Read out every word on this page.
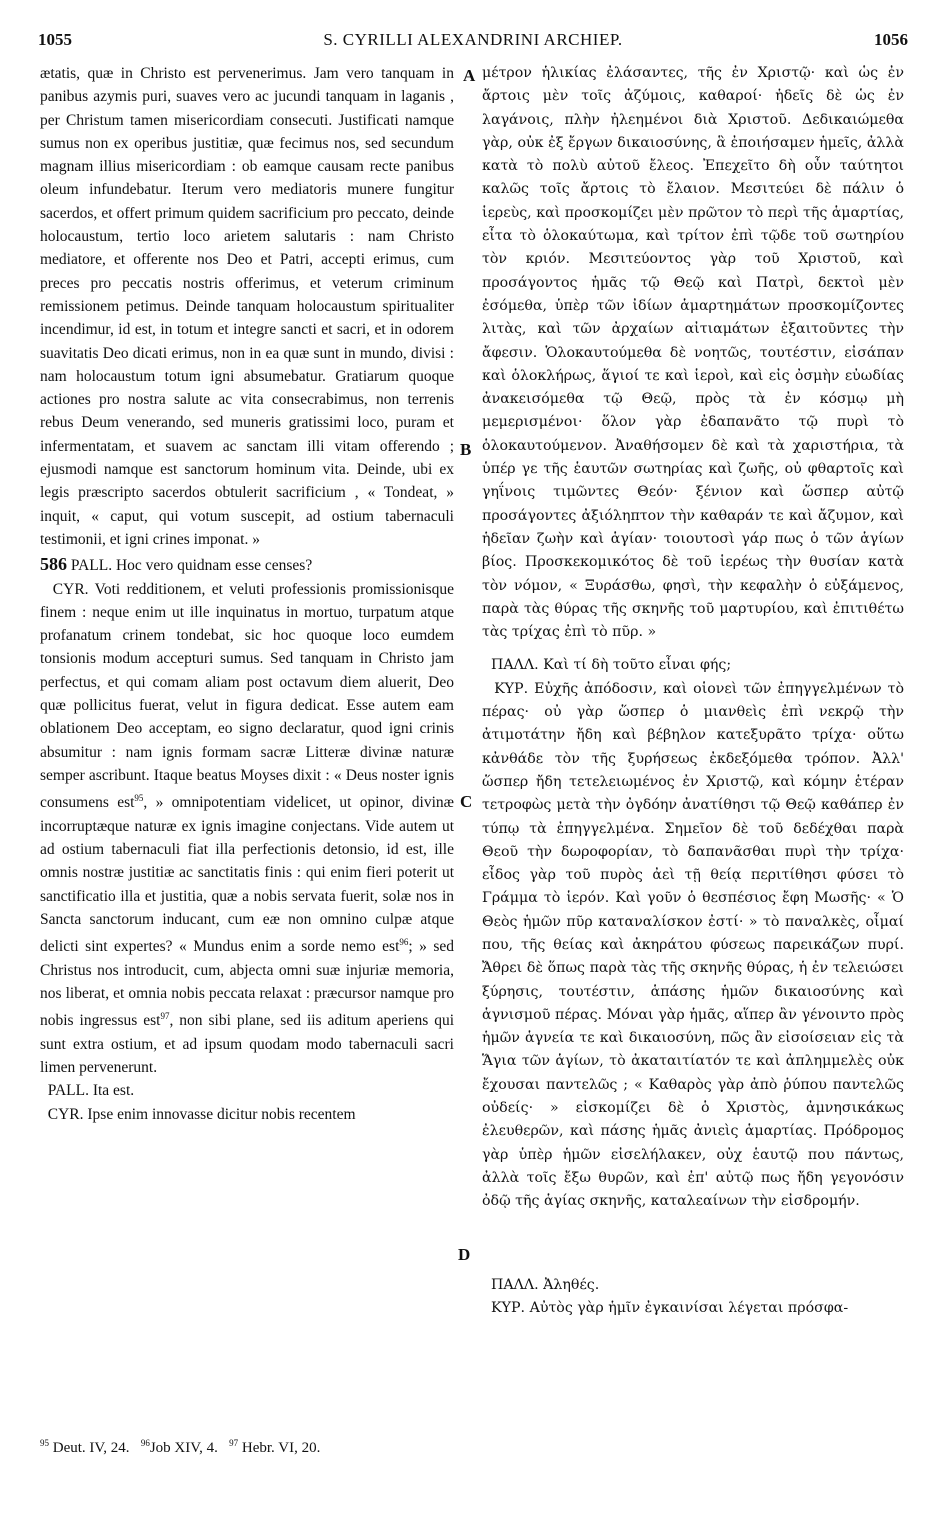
1055	S. CYRILLI ALEXANDRINI ARCHIEP.	1056
A
B
C
D

ætatis, quæ in Christo est pervenerimus. Jam vero tanquam in panibus azymis puri, suaves vero ac jucundi tanquam in laganis , per Christum tamen misericordiam consecuti. Justificati namque sumus non ex operibus justitiæ, quæ fecimus nos, sed secundum magnam illius misericordiam : ob eamque causam recte panibus oleum infundebatur. Iterum vero mediatoris munere fungitur sacerdos, et offert primum quidem sacrificium pro peccato, deinde holocaustum, tertio loco arietem salutaris : nam Christo mediatore, et offerente nos Deo et Patri, accepti erimus, cum preces pro peccatis nostris offerimus, et veterum criminum remissionem petimus. Deinde tanquam holocaustum spiritualiter incendimur, id est, in totum et integre sancti et sacri, et in odorem suavitatis Deo dicati erimus, non in ea quæ sunt in mundo, divisi : nam holocaustum totum igni absumebatur. Gratiarum quoque actiones pro nostra salute ac vita consecrabimus, non terrenis rebus Deum venerando, sed muneris gratissimi loco, puram et infermentatam, et suavem ac sanctam illi vitam offerendo ; ejusmodi namque est sanctorum hominum vita. Deinde, ubi ex legis præscripto sacerdos obtulerit sacrificium , « Tondeat, » inquit, « caput, qui votum suscepit, ad ostium tabernaculi testimonii, et igni crines imponat. »

586 PALL. Hoc vero quidnam esse censes?

CYR. Voti redditionem, et veluti professionis promissionisque finem : neque enim ut ille inquinatus in mortuo, turpatum atque profanatum crinem tondebat, sic hoc quoque loco eumdem tonsionis modum accepturi sumus. Sed tanquam in Christo jam perfectus, et qui comam aliam post octavum diem aluerit, Deo quæ pollicitus fuerat, velut in figura dedicat. Esse autem eam oblationem Deo acceptam, eo signo declaratur, quod igni crinis absumitur : nam ignis formam sacræ Litteræ divinæ naturæ semper ascribunt. Itaque beatus Moyses dixit : « Deus noster ignis consumens est$^{95}$, » omnipotentiam videlicet, ut opinor, divinæ incorruptæque naturæ ex ignis imagine conjectans. Vide autem ut ad ostium tabernaculi fiat illa perfectionis detonsio, id est, ille omnis nostræ justitiæ ac sanctitatis finis : qui enim fieri poterit ut sanctificatio illa et justitia, quæ a nobis servata fuerit, solæ nos in Sancta sanctorum inducant, cum eæ non omnino culpæ atque delicti sint expertes? « Mundus enim a sorde nemo est$^{96}$; » sed Christus nos introducit, cum, abjecta omni suæ injuriæ memoria, nos liberat, et omnia nobis peccata relaxat : præcursor namque pro nobis ingressus est$^{97}$, non sibi plane, sed iis aditum aperiens qui sunt extra ostium, et ad ipsum quodam modo tabernaculi sacri limen pervenerunt.

PALL. Ita est.

CYR. Ipse enim innovasse dicitur nobis recentem

μέτρον ἡλικίας ἐλάσαντες, τῆς ἐν Χριστῷ· καὶ ὡς ἐν ἄρτοις μὲν τοῖς ἀζύμοις, καθαροί· ἡδεῖς δὲ ὡς ἐν λαγάνοις, πλὴν ἠλεημένοι διὰ Χριστοῦ. Δεδικαιώμεθα γὰρ, οὐκ ἐξ ἔργων δικαιοσύνης, ἃ ἐποιήσαμεν ἡμεῖς, ἀλλὰ κατὰ τὸ πολὺ αὐτοῦ ἔλεος. Ἐπεχεῖτο δὴ οὖν ταύτητοι καλῶς τοῖς ἄρτοις τὸ ἔλαιον. Μεσιτεύει δὲ πάλιν ὁ ἱερεὺς, καὶ προσκομίζει μὲν πρῶτον τὸ περὶ τῆς ἁμαρτίας, εἶτα τὸ ὁλοκαύτωμα, καὶ τρίτον ἐπὶ τῷδε τοῦ σωτηρίου τὸν κριόν. Μεσιτεύοντος γὰρ τοῦ Χριστοῦ, καὶ προσάγοντος ἡμᾶς τῷ Θεῷ καὶ Πατρὶ, δεκτοὶ μὲν ἐσόμεθα, ὑπὲρ τῶν ἰδίων ἁμαρτημάτων προσκομίζοντες λιτὰς, καὶ τῶν ἀρχαίων αἰτιαμάτων ἐξαιτοῦντες τὴν ἄφεσιν. Ὁλοκαυτούμεθα δὲ νοητῶς, τουτέστιν, εἰσάπαν καὶ ὁλοκλήρως, ἅγιοί τε καὶ ἱεροὶ, καὶ εἰς ὀσμὴν εὐωδίας ἀνακεισόμεθα τῷ Θεῷ, πρὸς τὰ ἐν κόσμῳ μὴ μεμερισμένοι· ὅλον γὰρ ἐδαπανᾶτο τῷ πυρὶ τὸ ὁλοκαυτούμενον. Ἀναθήσομεν δὲ καὶ τὰ χαριστήρια, τὰ ὑπέρ γε τῆς ἑαυτῶν σωτηρίας καὶ ζωῆς, οὐ φθαρτοῖς καὶ γηΐνοις τιμῶντες Θεόν· ξένιον καὶ ὥσπερ αὐτῷ προσάγοντες ἀξιόληπτον τὴν καθαράν τε καὶ ἄζυμον, καὶ ἡδεῖαν ζωὴν καὶ ἁγίαν· τοιουτοσὶ γάρ πως ὁ τῶν ἁγίων βίος. Προσκεκομικότος δὲ τοῦ ἱερέως τὴν θυσίαν κατὰ τὸν νόμον, « Ξυράσθω, φησὶ, τὴν κεφαλὴν ὁ εὐξάμενος, παρὰ τὰς θύρας τῆς σκηνῆς τοῦ μαρτυρίου, καὶ ἐπιτιθέτω τὰς τρίχας ἐπὶ τὸ πῦρ. »

ΠΑΛΛ. Καὶ τί δὴ τοῦτο εἶναι φής;

ΚΥΡ. Εὐχῆς ἀπόδοσιν, καὶ οἱονεὶ τῶν ἐπηγγελμένων τὸ πέρας· οὐ γὰρ ὥσπερ ὁ μιανθεὶς ἐπὶ νεκρῷ τὴν ἀτιμοτάτην ἤδη καὶ βέβηλον κατεξυρᾶτο τρίχα· οὕτω κἀνθάδε τὸν τῆς ξυρήσεως ἐκδεξόμεθα τρόπον. Ἀλλ' ὥσπερ ἤδη τετελειωμένος ἐν Χριστῷ, καὶ κόμην ἑτέραν τετροφὼς μετὰ τὴν ὀγδόην ἀνατίθησι τῷ Θεῷ καθάπερ ἐν τύπῳ τὰ ἐπηγγελμένα. Σημεῖον δὲ τοῦ δεδέχθαι παρὰ Θεοῦ τὴν δωροφορίαν, τὸ δαπανᾶσθαι πυρὶ τὴν τρίχα· εἶδος γὰρ τοῦ πυρὸς ἀεὶ τῇ θείᾳ περιτίθησι φύσει τὸ Γράμμα τὸ ἱερόν. Καὶ γοῦν ὁ θεσπέσιος ἔφη Μωσῆς· « Ὁ Θεὸς ἡμῶν πῦρ καταναλίσκον ἐστί· » τὸ παναλκὲς, οἶμαί που, τῆς θείας καὶ ἀκηράτου φύσεως παρεικάζων πυρί. Ἄθρει δὲ ὅπως παρὰ τὰς τῆς σκηνῆς θύρας, ἡ ἐν τελειώσει ξύρησις, τουτέστιν, ἁπάσης ἡμῶν δικαιοσύνης καὶ ἁγνισμοῦ πέρας. Μόναι γὰρ ἡμᾶς, αἵπερ ἂν γένοιντο πρὸς ἡμῶν ἁγνεία τε καὶ δικαιοσύνη, πῶς ἂν εἰσοίσειαν εἰς τὰ Ἅγια τῶν ἁγίων, τὸ ἀκαταιτίατόν τε καὶ ἀπλημμελὲς οὐκ ἔχουσαι παντελῶς ; « Καθαρὸς γὰρ ἀπὸ ῥύπου παντελῶς οὐδείς· » εἰσκομίζει δὲ ὁ Χριστὸς, ἀμνησικάκως ἐλευθερῶν, καὶ πάσης ἡμᾶς ἀνιεὶς ἁμαρτίας. Πρόδρομος γὰρ ὑπὲρ ἡμῶν εἰσελήλακεν, οὐχ ἑαυτῷ που πάντως, ἀλλὰ τοῖς ἔξω θυρῶν, καὶ ἐπ' αὐτῷ πως ἤδη γεγονόσιν ὀδῷ τῆς ἁγίας σκηνῆς, καταλεαίνων τὴν εἰσδρομήν.

ΠΑΛΛ. Ἀληθές.

ΚΥΡ. Αὐτὸς γὰρ ἡμῖν ἐγκαινίσαι λέγεται πρόσφα-

$^{95}$ Deut. IV, 24. $^{96}$Job XIV, 4. $^{97}$ Hebr. VI, 20.
